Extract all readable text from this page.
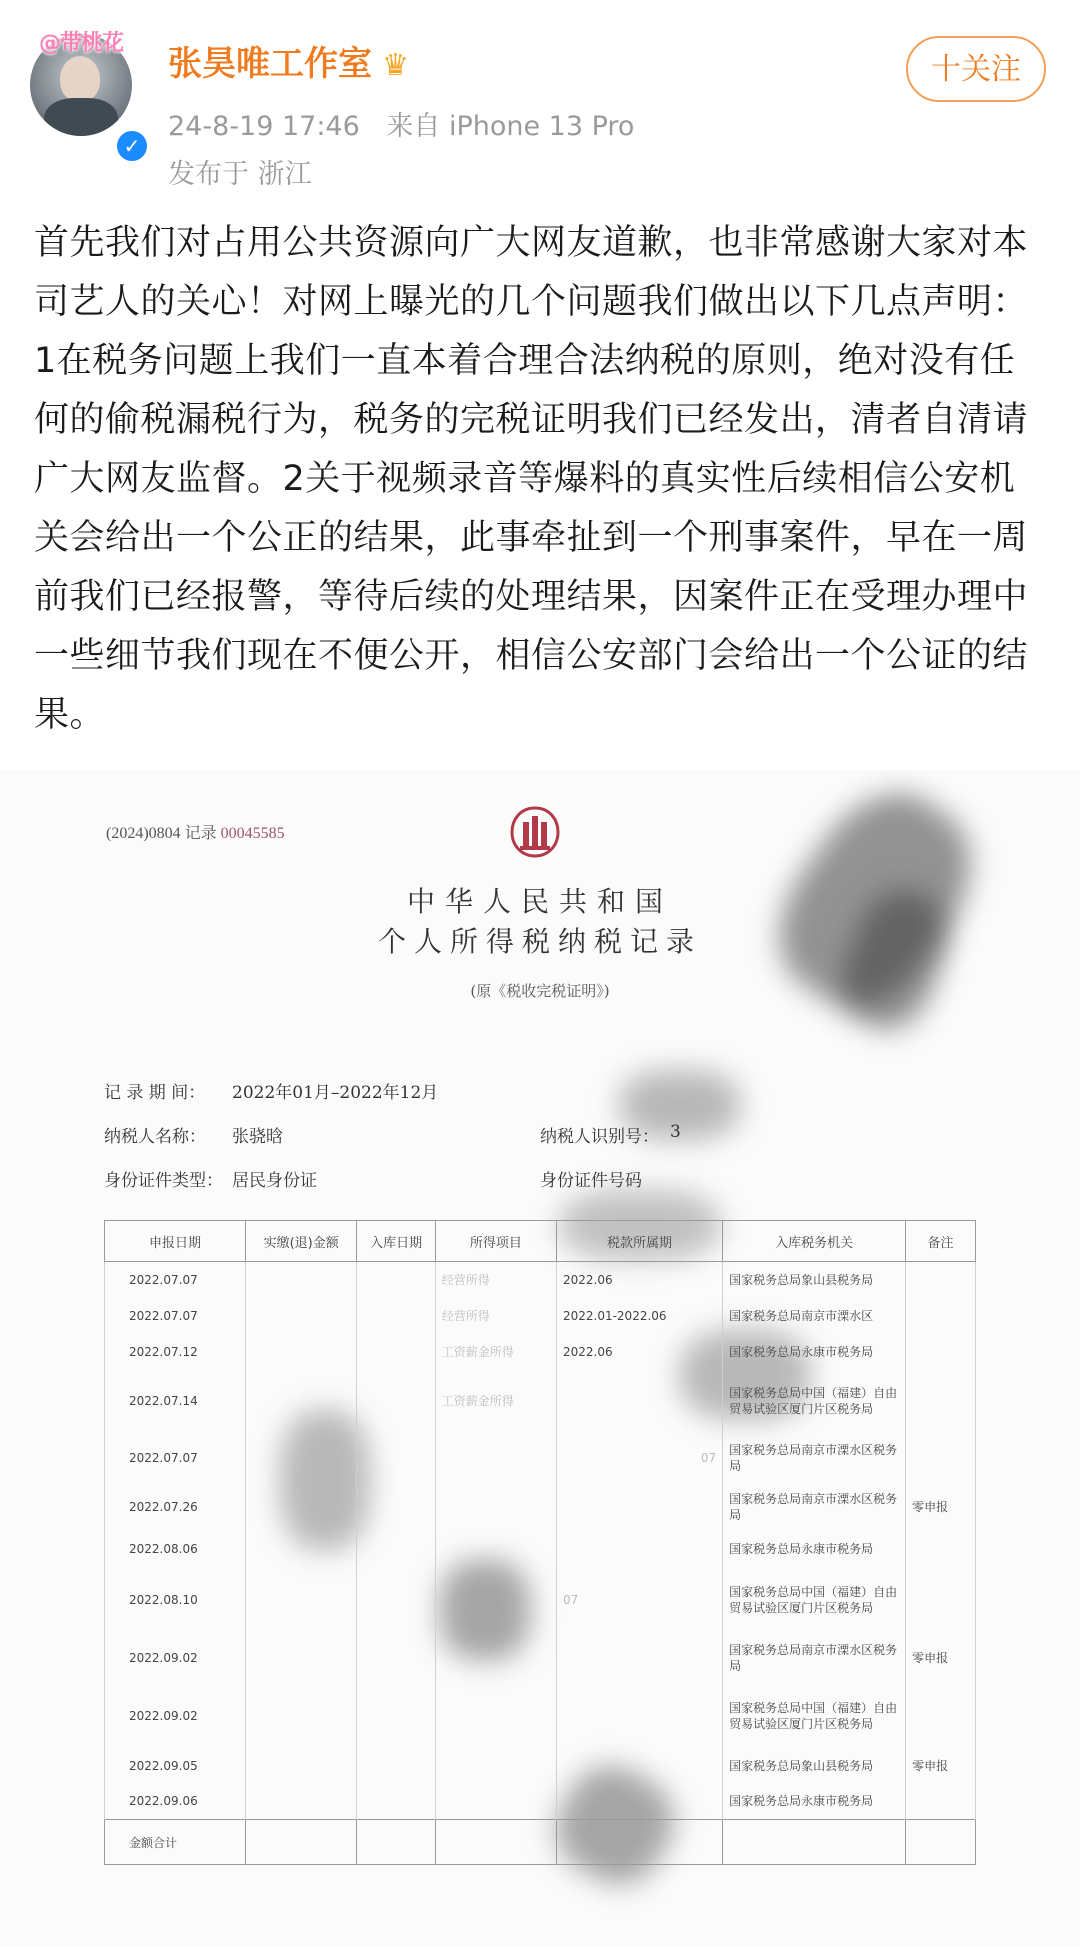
@带桃花
✓
张昊唯工作室 ♛
24-8-19 17:46 来自 iPhone 13 Pro
发布于 浙江
十关注
首先我们对占用公共资源向广大网友道歉，也非常感谢大家对本司艺人的关心！对网上曝光的几个问题我们做出以下几点声明：1在税务问题上我们一直本着合理合法纳税的原则，绝对没有任何的偷税漏税行为，税务的完税证明我们已经发出，清者自清请广大网友监督。2关于视频录音等爆料的真实性后续相信公安机关会给出一个公正的结果，此事牵扯到一个刑事案件，早在一周前我们已经报警，等待后续的处理结果，因案件正在受理办理中一些细节我们现在不便公开，相信公安部门会给出一个公证的结果。
(2024)0804 记录 00045585
中华人民共和国
个人所得税纳税记录
(原《税收完税证明》)
记 录 期 间： 2022年01月–2022年12月
纳税人名称： 张骁晗	纳税人识别号： 3
身份证件类型： 居民身份证	身份证件号码
申报日期	实缴(退)金额	入库日期	所得项目	税款所属期	入库税务机关	备注
2022.07.07			经营所得	2022.06	国家税务总局象山县税务局	
2022.07.07			经营所得	2022.01-2022.06	国家税务总局南京市溧水区	
2022.07.12			工资薪金所得	2022.06	国家税务总局永康市税务局	
2022.07.14			工资薪金所得		国家税务总局中国（福建）自由贸易试验区厦门片区税务局	
2022.07.07				07	国家税务总局南京市溧水区税务局	
2022.07.26					国家税务总局南京市溧水区税务局	零申报
2022.08.06					国家税务总局永康市税务局	
2022.08.10				07	国家税务总局中国（福建）自由贸易试验区厦门片区税务局	
2022.09.02					国家税务总局南京市溧水区税务局	零申报
2022.09.02					国家税务总局中国（福建）自由贸易试验区厦门片区税务局	
2022.09.05					国家税务总局象山县税务局	零申报
2022.09.06					国家税务总局永康市税务局	
金额合计						
